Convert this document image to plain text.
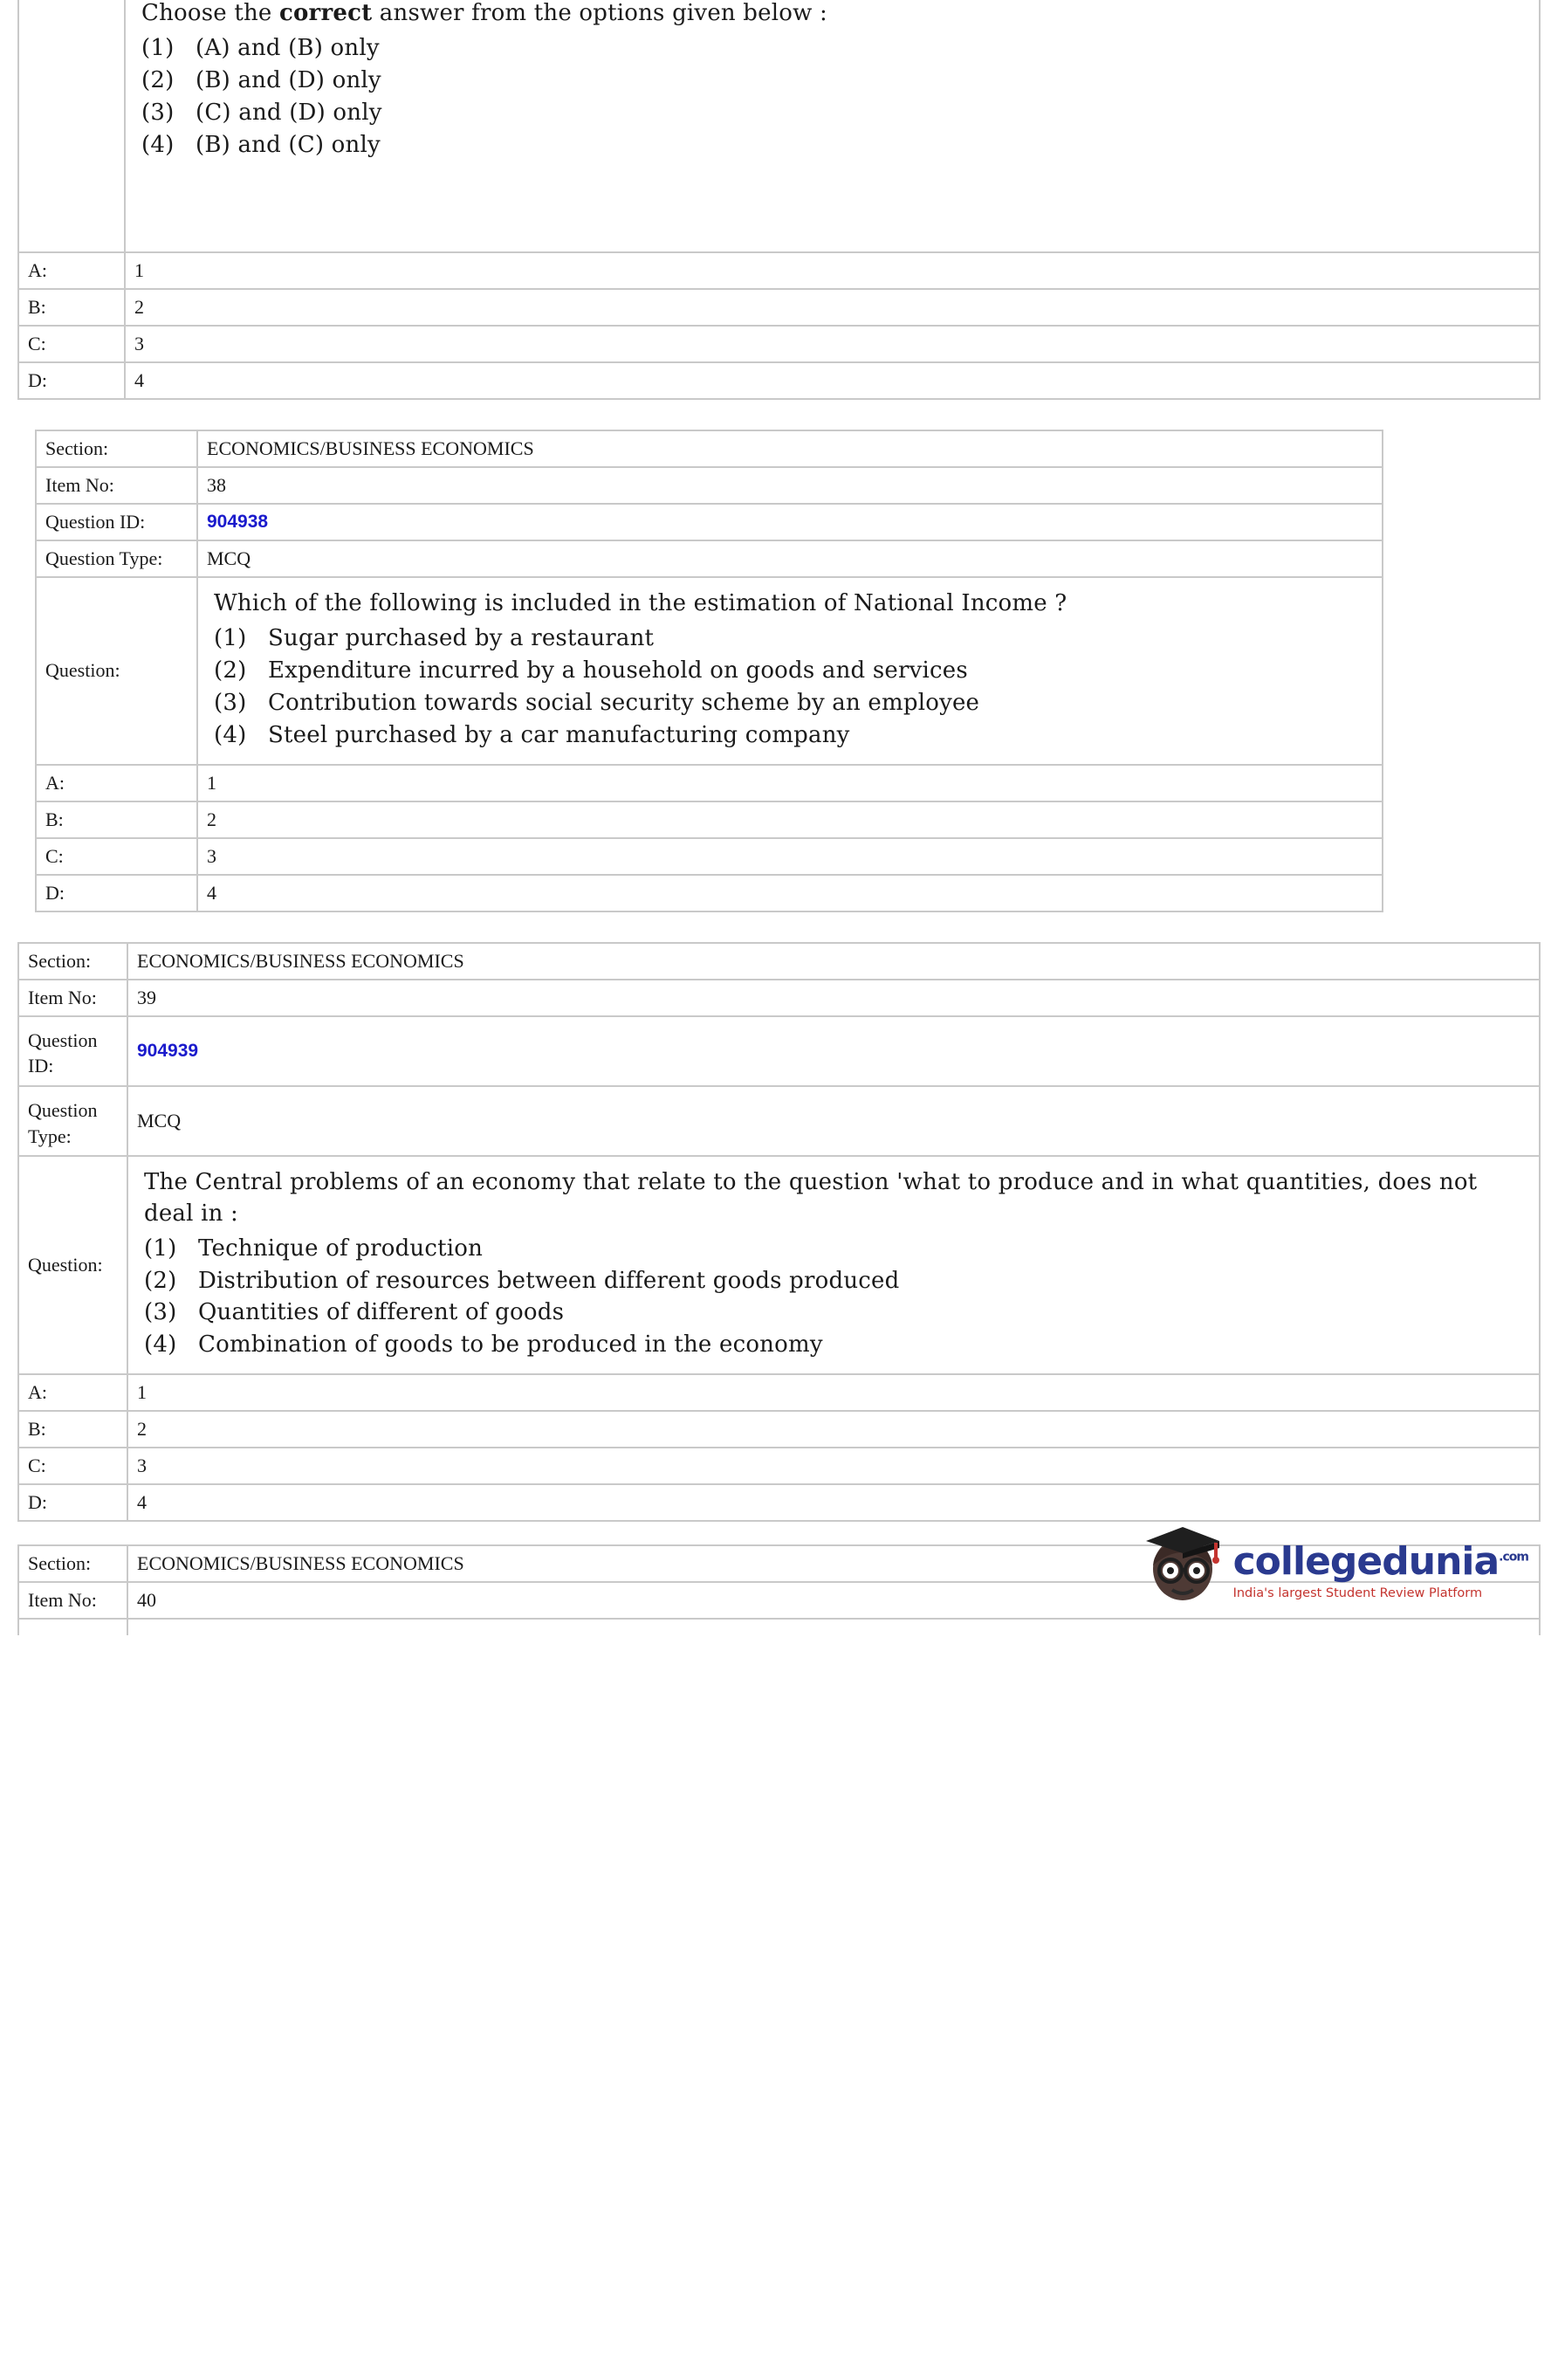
Choose the correct answer from the options given below :
(1) (A) and (B) only
(2) (B) and (D) only
(3) (C) and (D) only
(4) (B) and (C) only
A:	1
B:	2
C:	3
D:	4
Section:	ECONOMICS/BUSINESS ECONOMICS
Item No:	38
Question ID:	904938
Question Type:	MCQ
Question:
Which of the following is included in the estimation of National Income ?
(1) Sugar purchased by a restaurant
(2) Expenditure incurred by a household on goods and services
(3) Contribution towards social security scheme by an employee
(4) Steel purchased by a car manufacturing company
A:	1
B:	2
C:	3
D:	4
Section:	ECONOMICS/BUSINESS ECONOMICS
Item No:	39
Question ID:
904939
Question Type:
MCQ
Question:
The Central problems of an economy that relate to the question 'what to produce and in what quantities, does not deal in :
(1) Technique of production
(2) Distribution of resources between different goods produced
(3) Quantities of different of goods
(4) Combination of goods to be produced in the economy
A:	1
B:	2
C:	3
D:	4
Section:	ECONOMICS/BUSINESS ECONOMICS
Item No:	40
collegedunia$^{.com}$
India's largest Student Review Platform
